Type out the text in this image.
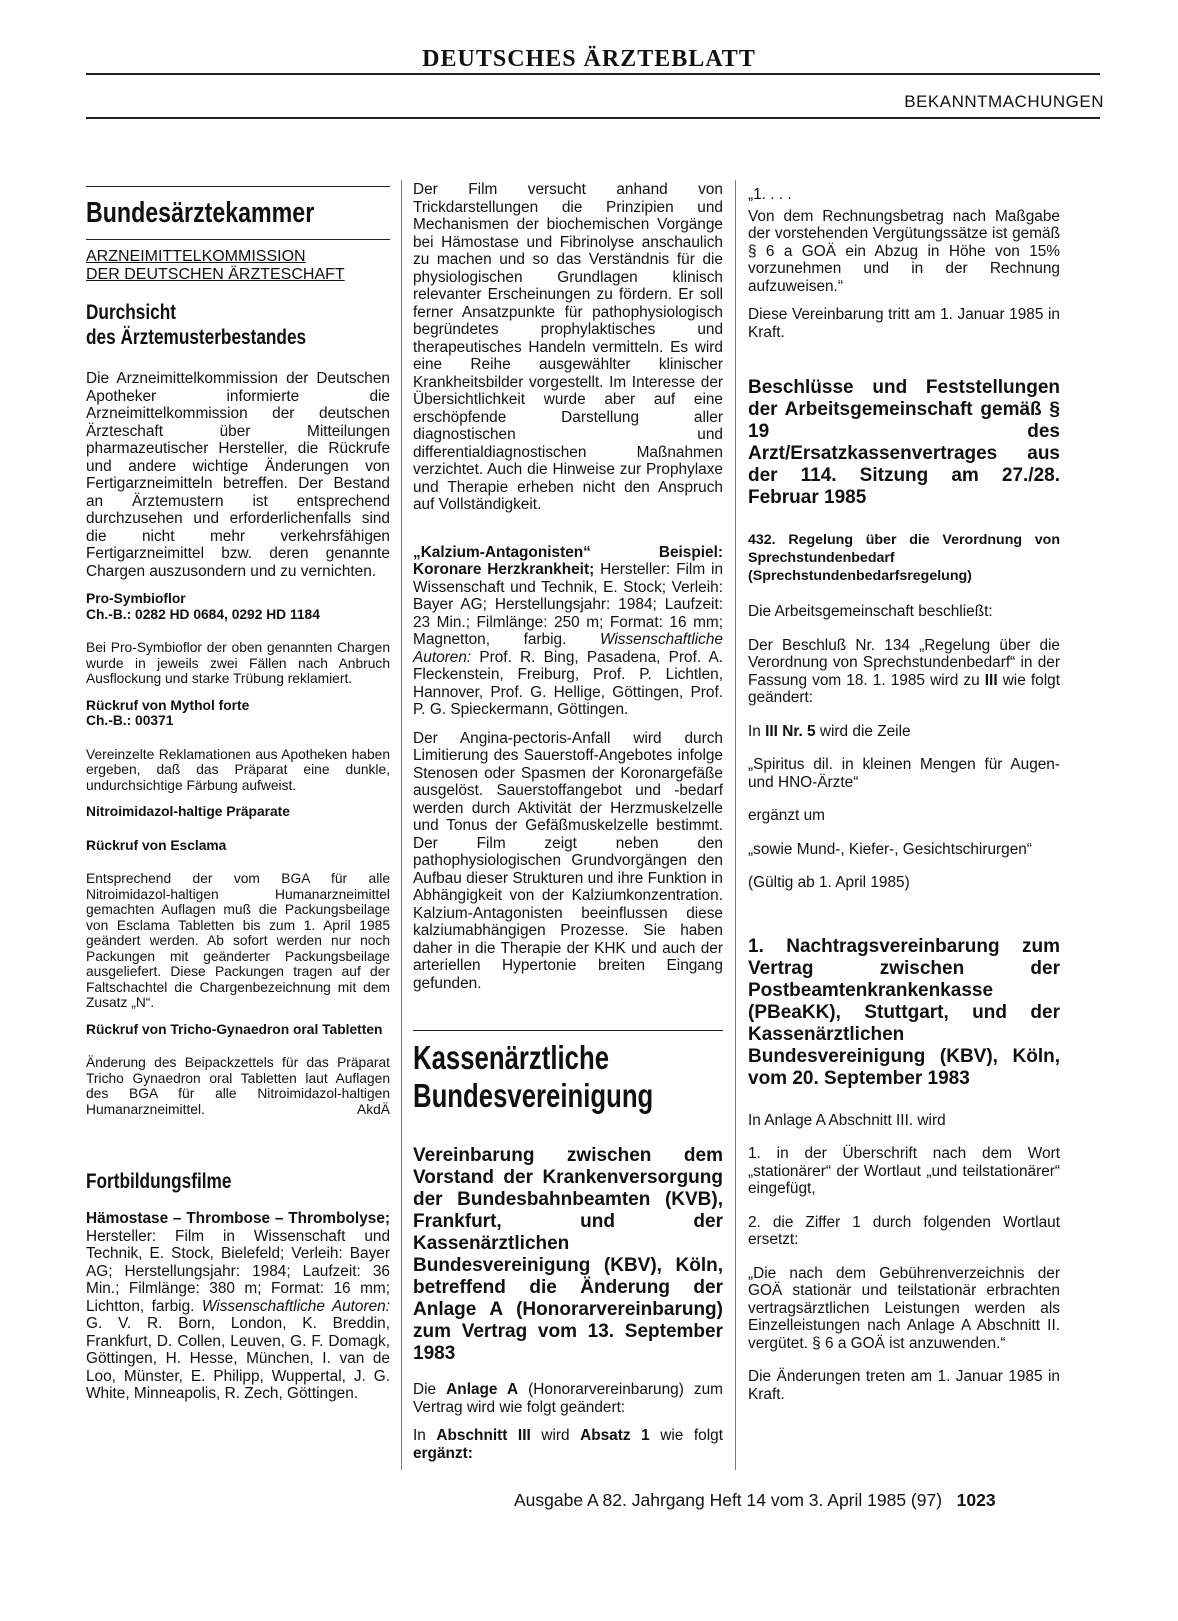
DEUTSCHES ÄRZTEBLATT
BEKANNTMACHUNGEN
Bundesärztekammer
ARZNEIMITTELKOMMISSION
DER DEUTSCHEN ÄRZTESCHAFT
Durchsicht
des Ärztemusterbestandes

Die Arzneimittelkommission der Deutschen Apotheker informierte die Arzneimittelkommission der deutschen Ärzteschaft über Mitteilungen pharmazeutischer Hersteller, die Rückrufe und andere wichtige Änderungen von Fertigarzneimitteln betreffen. Der Bestand an Ärztemustern ist entsprechend durchzusehen und erforderlichenfalls sind die nicht mehr verkehrsfähigen Fertigarzneimittel bzw. deren genannte Chargen auszusondern und zu vernichten.

Pro-Symbioflor
Ch.-B.: 0282 HD 0684, 0292 HD 1184

Bei Pro-Symbioflor der oben genannten Chargen wurde in jeweils zwei Fällen nach Anbruch Ausflockung und starke Trübung reklamiert.

Rückruf von Mythol forte
Ch.-B.: 00371

Vereinzelte Reklamationen aus Apotheken haben ergeben, daß das Präparat eine dunkle, undurchsichtige Färbung aufweist.

Nitroimidazol-haltige Präparate
Rückruf von Esclama

Entsprechend der vom BGA für alle Nitroimidazol-haltigen Humanarzneimittel gemachten Auflagen muß die Packungsbeilage von Esclama Tabletten bis zum 1. April 1985 geändert werden. Ab sofort werden nur noch Packungen mit geänderter Packungsbeilage ausgeliefert. Diese Packungen tragen auf der Faltschachtel die Chargenbezeichnung mit dem Zusatz „N“.

Rückruf von Tricho-Gynaedron oral Tabletten

Änderung des Beipackzettels für das Präparat Tricho Gynaedron oral Tabletten laut Auflagen des BGA für alle Nitroimidazol-haltigen Humanarzneimittel.	AkdÄ

Fortbildungsfilme

Hämostase – Thrombose – Thrombolyse; Hersteller: Film in Wissenschaft und Technik, E. Stock, Bielefeld; Verleih: Bayer AG; Herstellungsjahr: 1984; Laufzeit: 36 Min.; Filmlänge: 380 m; Format: 16 mm; Lichtton, farbig. Wissenschaftliche Autoren: G. V. R. Born, London, K. Breddin, Frankfurt, D. Collen, Leuven, G. F. Domagk, Göttingen, H. Hesse, München, I. van de Loo, Münster, E. Philipp, Wuppertal, J. G. White, Minneapolis, R. Zech, Göttingen.

Der Film versucht anhand von Trickdarstellungen die Prinzipien und Mechanismen der biochemischen Vorgänge bei Hämostase und Fibrinolyse anschaulich zu machen und so das Verständnis für die physiologischen Grundlagen klinisch relevanter Erscheinungen zu fördern. Er soll ferner Ansatzpunkte für pathophysiologisch begründetes prophylaktisches und therapeutisches Handeln vermitteln. Es wird eine Reihe ausgewählter klinischer Krankheitsbilder vorgestellt. Im Interesse der Übersichtlichkeit wurde aber auf eine erschöpfende Darstellung aller diagnostischen und differentialdiagnostischen Maßnahmen verzichtet. Auch die Hinweise zur Prophylaxe und Therapie erheben nicht den Anspruch auf Vollständigkeit.

„Kalzium-Antagonisten“ Beispiel: Koronare Herzkrankheit; Hersteller: Film in Wissenschaft und Technik, E. Stock; Verleih: Bayer AG; Herstellungsjahr: 1984; Laufzeit: 23 Min.; Filmlänge: 250 m; Format: 16 mm; Magnetton, farbig. Wissenschaftliche Autoren: Prof. R. Bing, Pasadena, Prof. A. Fleckenstein, Freiburg, Prof. P. Lichtlen, Hannover, Prof. G. Hellige, Göttingen, Prof. P. G. Spieckermann, Göttingen.

Der Angina-pectoris-Anfall wird durch Limitierung des Sauerstoff-Angebotes infolge Stenosen oder Spasmen der Koronargefäße ausgelöst. Sauerstoffangebot und -bedarf werden durch Aktivität der Herzmuskelzelle und Tonus der Gefäßmuskelzelle bestimmt. Der Film zeigt neben den pathophysiologischen Grundvorgängen den Aufbau dieser Strukturen und ihre Funktion in Abhängigkeit von der Kalziumkonzentration. Kalzium-Antagonisten beeinflussen diese kalziumabhängigen Prozesse. Sie haben daher in die Therapie der KHK und auch der arteriellen Hypertonie breiten Eingang gefunden.

Kassenärztliche
Bundesvereinigung
Vereinbarung zwischen dem Vorstand der Krankenversorgung der Bundesbahnbeamten (KVB), Frankfurt, und der Kassenärztlichen Bundesvereinigung (KBV), Köln, betreffend die Änderung der Anlage A (Honorarvereinbarung) zum Vertrag vom 13. September 1983

Die Anlage A (Honorarvereinbarung) zum Vertrag wird wie folgt geändert:

In Abschnitt III wird Absatz 1 wie folgt ergänzt:

„1. . . .

Von dem Rechnungsbetrag nach Maßgabe der vorstehenden Vergütungssätze ist gemäß § 6 a GOÄ ein Abzug in Höhe von 15% vorzunehmen und in der Rechnung aufzuweisen.“

Diese Vereinbarung tritt am 1. Januar 1985 in Kraft.

Beschlüsse und Feststellungen der Arbeitsgemeinschaft gemäß § 19 des Arzt/Ersatzkassenvertrages aus der 114. Sitzung am 27./28. Februar 1985
432. Regelung über die Verordnung von Sprechstundenbedarf (Sprechstundenbedarfsregelung)

Die Arbeitsgemeinschaft beschließt:

Der Beschluß Nr. 134 „Regelung über die Verordnung von Sprechstundenbedarf“ in der Fassung vom 18. 1. 1985 wird zu III wie folgt geändert:

In III Nr. 5 wird die Zeile

„Spiritus dil. in kleinen Mengen für Augen- und HNO-Ärzte“

ergänzt um

„sowie Mund-, Kiefer-, Gesichtschirurgen“

(Gültig ab 1. April 1985)

1. Nachtragsvereinbarung zum Vertrag zwischen der Postbeamtenkrankenkasse (PBeaKK), Stuttgart, und der Kassenärztlichen Bundesvereinigung (KBV), Köln, vom 20. September 1983

In Anlage A Abschnitt III. wird

1. in der Überschrift nach dem Wort „stationärer“ der Wortlaut „und teilstationärer“ eingefügt,

2. die Ziffer 1 durch folgenden Wortlaut ersetzt:

„Die nach dem Gebührenverzeichnis der GOÄ stationär und teilstationär erbrachten vertragsärztlichen Leistungen werden als Einzelleistungen nach Anlage A Abschnitt II. vergütet. § 6 a GOÄ ist anzuwenden.“

Die Änderungen treten am 1. Januar 1985 in Kraft.

Ausgabe A 82. Jahrgang Heft 14 vom 3. April 1985 (97) 1023
